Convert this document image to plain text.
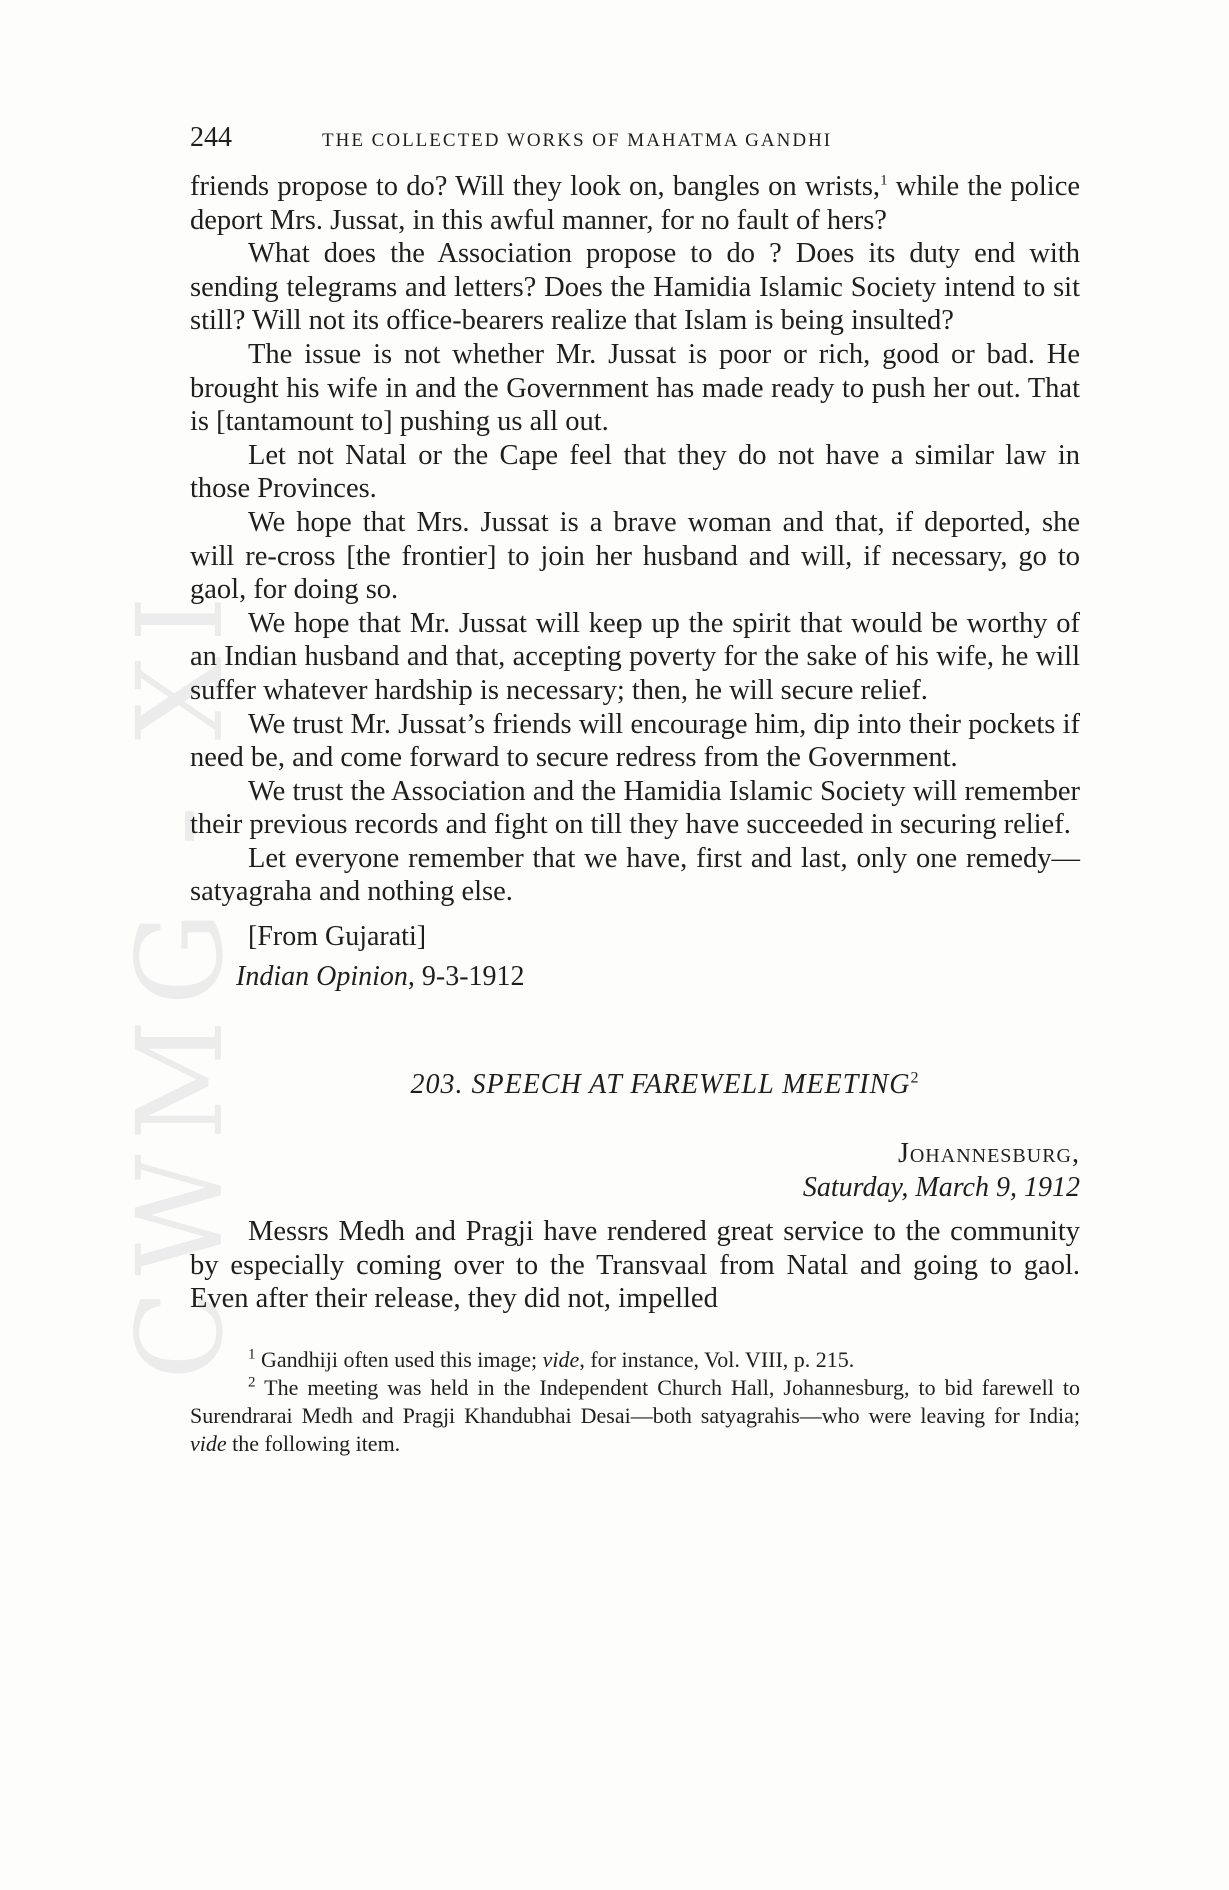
CWMG - XI
244	THE COLLECTED WORKS OF MAHATMA GANDHI

friends propose to do? Will they look on, bangles on wrists,$^1$ while the police deport Mrs. Jussat, in this awful manner, for no fault of hers?

What does the Association propose to do ? Does its duty end with sending telegrams and letters? Does the Hamidia Islamic Society intend to sit still? Will not its office-bearers realize that Islam is being insulted?

The issue is not whether Mr. Jussat is poor or rich, good or bad. He brought his wife in and the Government has made ready to push her out. That is [tantamount to] pushing us all out.

Let not Natal or the Cape feel that they do not have a similar law in those Provinces.

We hope that Mrs. Jussat is a brave woman and that, if deported, she will re-cross [the frontier] to join her husband and will, if necessary, go to gaol, for doing so.

We hope that Mr. Jussat will keep up the spirit that would be worthy of an Indian husband and that, accepting poverty for the sake of his wife, he will suffer whatever hardship is necessary; then, he will secure relief.

We trust Mr. Jussat’s friends will encourage him, dip into their pockets if need be, and come forward to secure redress from the Government.

We trust the Association and the Hamidia Islamic Society will remember their previous records and fight on till they have succeeded in securing relief.

Let everyone remember that we have, first and last, only one remedy—satyagraha and nothing else.

[From Gujarati]
Indian Opinion, 9-3-1912
203. SPEECH AT FAREWELL MEETING$^2$
Johannesburg,
Saturday, March 9, 1912

Messrs Medh and Pragji have rendered great service to the community by especially coming over to the Transvaal from Natal and going to gaol. Even after their release, they did not, impelled

$^1$ Gandhiji often used this image; vide, for instance, Vol. VIII, p. 215.

$^2$ The meeting was held in the Independent Church Hall, Johannesburg, to bid farewell to Surendrarai Medh and Pragji Khandubhai Desai—both satyagrahis—who were leaving for India; vide the following item.
